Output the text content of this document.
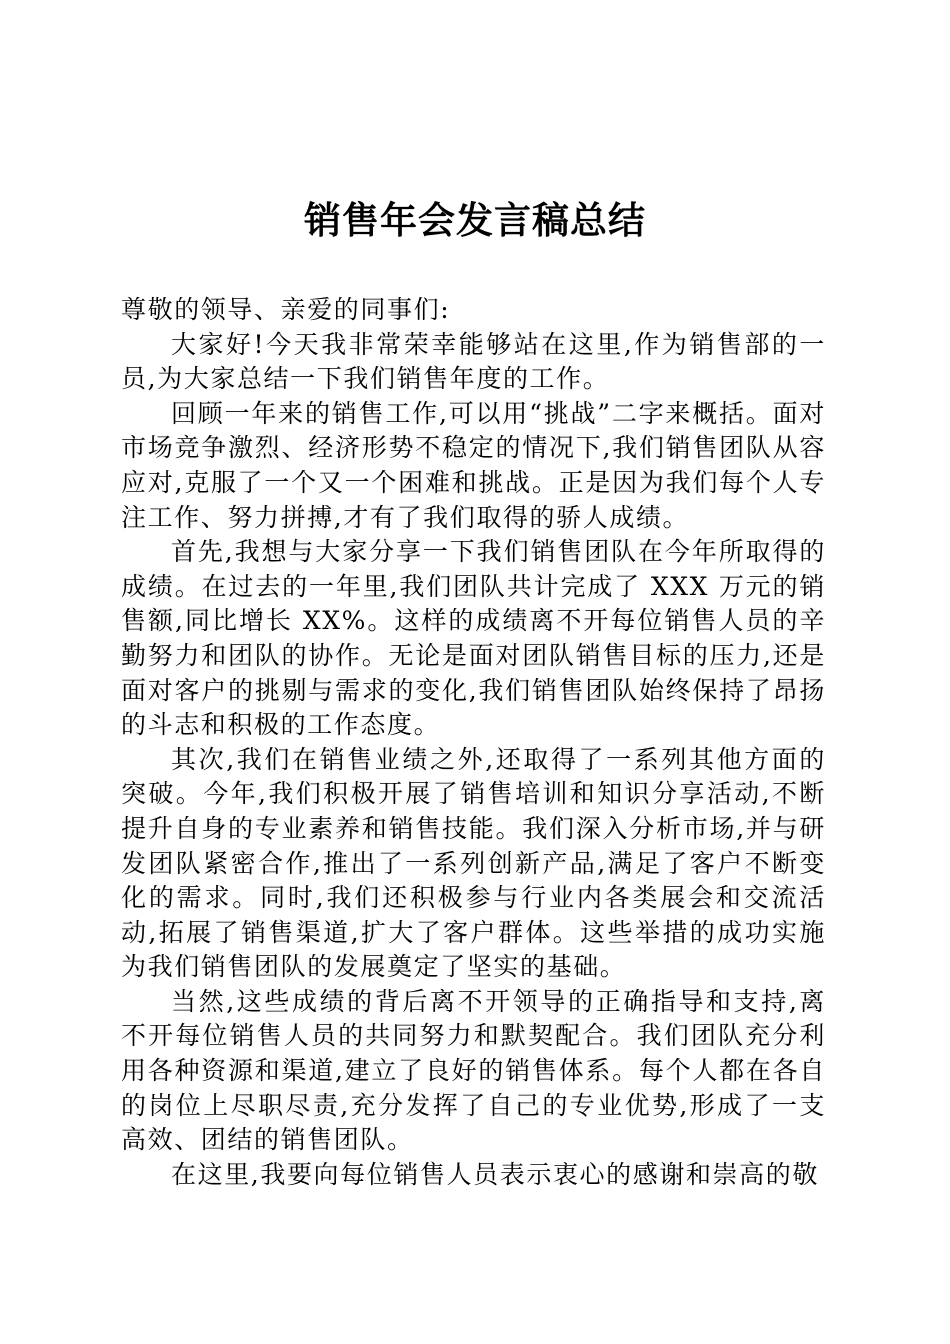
销售年会发言稿总结

尊敬的领导、亲爱的同事们:

大家好!今天我非常荣幸能够站在这里,作为销售部的一员,为大家总结一下我们销售年度的工作。

回顾一年来的销售工作,可以用“挑战”二字来概括。面对市场竞争激烈、经济形势不稳定的情况下,我们销售团队从容应对,克服了一个又一个困难和挑战。正是因为我们每个人专注工作、努力拼搏,才有了我们取得的骄人成绩。

首先,我想与大家分享一下我们销售团队在今年所取得的成绩。在过去的一年里,我们团队共计完成了 XXX 万元的销售额,同比增长 XX%。这样的成绩离不开每位销售人员的辛勤努力和团队的协作。无论是面对团队销售目标的压力,还是面对客户的挑剔与需求的变化,我们销售团队始终保持了昂扬的斗志和积极的工作态度。

其次,我们在销售业绩之外,还取得了一系列其他方面的突破。今年,我们积极开展了销售培训和知识分享活动,不断提升自身的专业素养和销售技能。我们深入分析市场,并与研发团队紧密合作,推出了一系列创新产品,满足了客户不断变化的需求。同时,我们还积极参与行业内各类展会和交流活动,拓展了销售渠道,扩大了客户群体。这些举措的成功实施为我们销售团队的发展奠定了坚实的基础。

当然,这些成绩的背后离不开领导的正确指导和支持,离不开每位销售人员的共同努力和默契配合。我们团队充分利用各种资源和渠道,建立了良好的销售体系。每个人都在各自的岗位上尽职尽责,充分发挥了自己的专业优势,形成了一支高效、团结的销售团队。

在这里,我要向每位销售人员表示衷心的感谢和崇高的敬
